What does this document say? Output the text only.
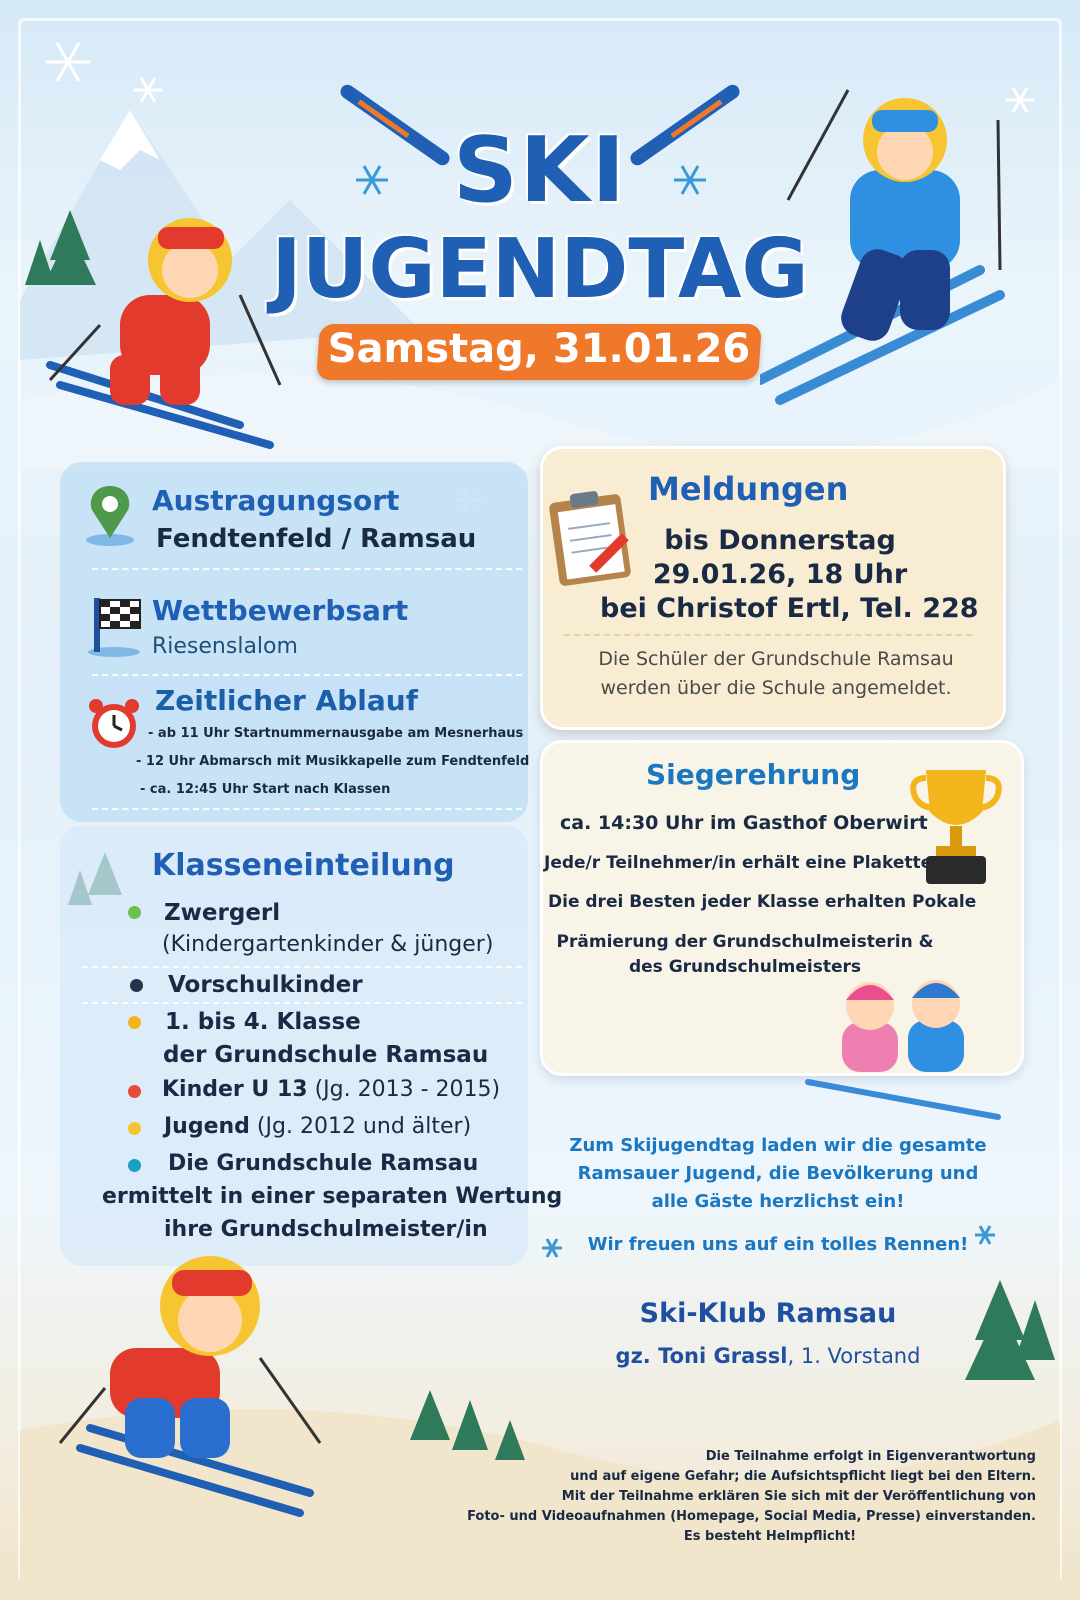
SKI
JUGENDTAG
Samstag, 31.01.26
Austragungsort
Fendtenfeld / Ramsau
Wettbewerbsart
Riesenslalom
Zeitlicher Ablauf
- ab 11 Uhr Startnummernausgabe am Mesnerhaus
- 12 Uhr Abmarsch mit Musikkapelle zum Fendtenfeld
- ca. 12:45 Uhr Start nach Klassen
Klasseneinteilung
Zwergerl
(Kindergartenkinder & jünger)
Vorschulkinder
1. bis 4. Klasse
der Grundschule Ramsau
Kinder U 13 (Jg. 2013 - 2015)
Jugend (Jg. 2012 und älter)
Die Grundschule Ramsau
ermittelt in einer separaten Wertung
ihre Grundschulmeister/in
Meldungen
bis Donnerstag
29.01.26, 18 Uhr
bei Christof Ertl, Tel. 228
Die Schüler der Grundschule Ramsau
werden über die Schule angemeldet.
Siegerehrung
ca. 14:30 Uhr im Gasthof Oberwirt
Jede/r Teilnehmer/in erhält eine Plakette
Die drei Besten jeder Klasse erhalten Pokale
Prämierung der Grundschulmeisterin &
des Grundschulmeisters
Zum Skijugendtag laden wir die gesamte
Ramsauer Jugend, die Bevölkerung und
alle Gäste herzlichst ein!
Wir freuen uns auf ein tolles Rennen!
Ski-Klub Ramsau
gz. Toni Grassl, 1. Vorstand
Die Teilnahme erfolgt in Eigenverantwortung
und auf eigene Gefahr; die Aufsichtspflicht liegt bei den Eltern.
Mit der Teilnahme erklären Sie sich mit der Veröffentlichung von
Foto- und Videoaufnahmen (Homepage, Social Media, Presse) einverstanden.
Es besteht Helmpflicht!
